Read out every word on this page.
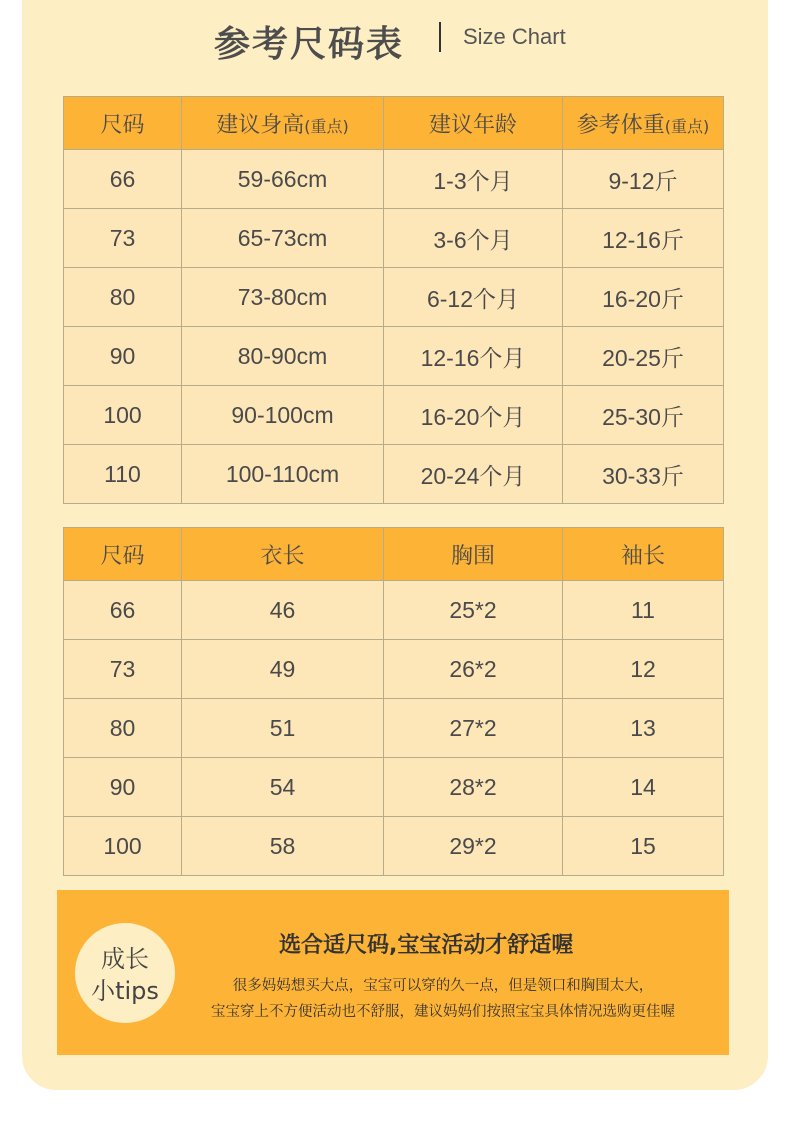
参考尺码表	Size Chart
尺码	建议身高(重点)	建议年龄	参考体重(重点)
66	59-66cm	1-3个月	9-12斤
73	65-73cm	3-6个月	12-16斤
80	73-80cm	6-12个月	16-20斤
90	80-90cm	12-16个月	20-25斤
100	90-100cm	16-20个月	25-30斤
110	100-110cm	20-24个月	30-33斤
尺码	衣长	胸围	袖长
66	46	25*2	11
73	49	26*2	12
80	51	27*2	13
90	54	28*2	14
100	58	29*2	15
成长
小tips
选合适尺码,宝宝活动才舒适喔
很多妈妈想买大点，宝宝可以穿的久一点，但是领口和胸围太大，
宝宝穿上不方便活动也不舒服，建议妈妈们按照宝宝具体情况选购更佳喔
